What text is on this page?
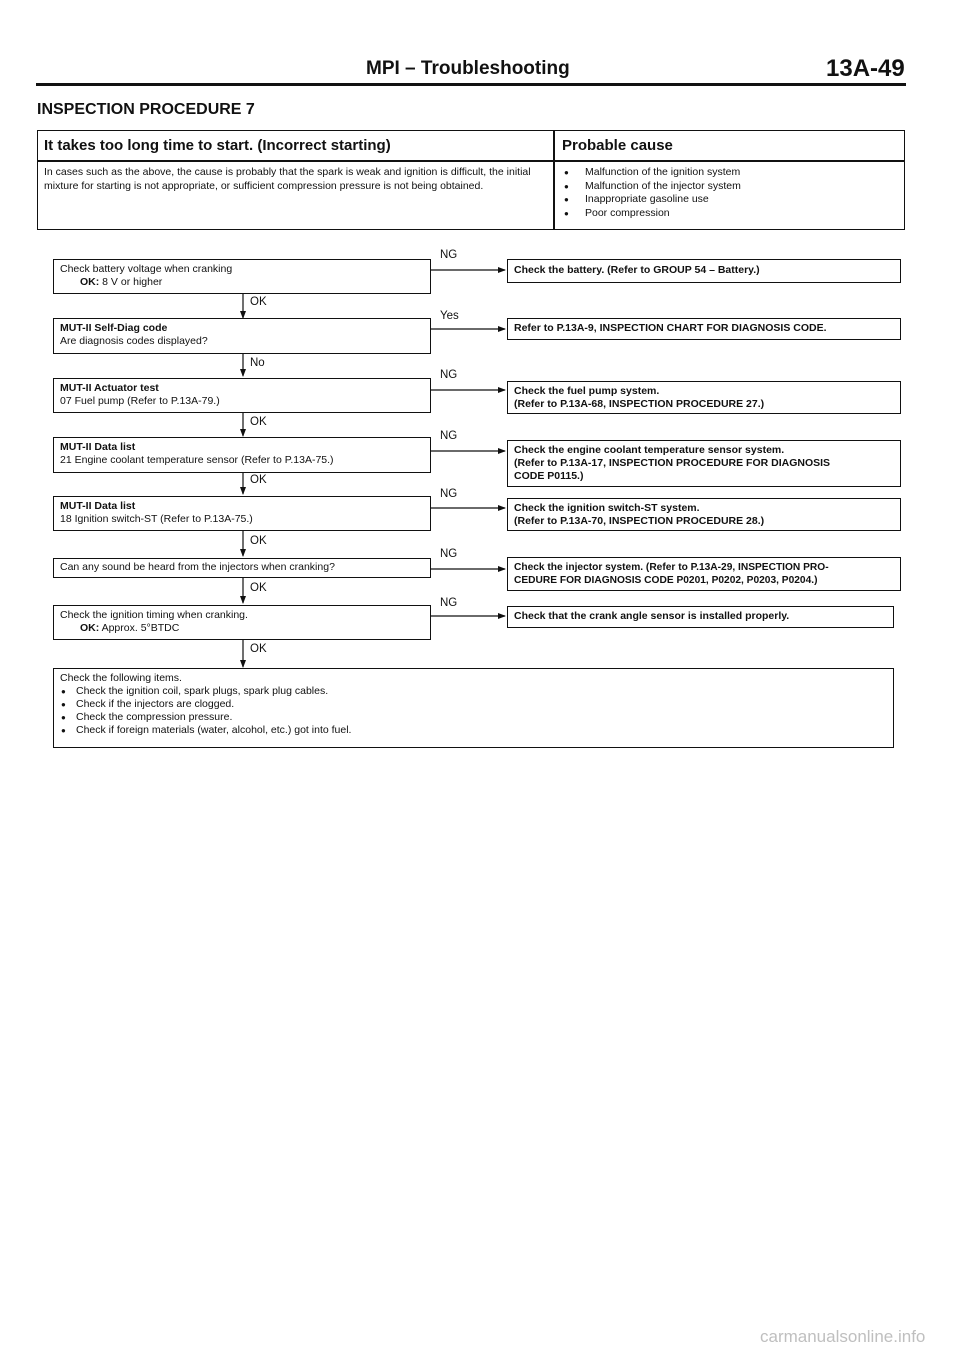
MPI – Troubleshooting	13A-49
INSPECTION PROCEDURE 7
It takes too long time to start. (Incorrect starting)	Probable cause
In cases such as the above, the cause is probably that the spark is weak and ignition is difficult, the initial mixture for starting is not appropriate, or sufficient compression pressure is not being obtained.
● Malfunction of the ignition system
● Malfunction of the injector system
● Inappropriate gasoline use
● Poor compression
NG
Yes
NG
NG
NG
NG
NG
OK
No
OK
OK
OK
OK
OK
Check battery voltage when cranking
OK: 8 V or higher
MUT-II Self-Diag code
Are diagnosis codes displayed?
MUT-II Actuator test
07 Fuel pump (Refer to P.13A-79.)
MUT-II Data list
21 Engine coolant temperature sensor (Refer to P.13A-75.)
MUT-II Data list
18 Ignition switch-ST (Refer to P.13A-75.)
Can any sound be heard from the injectors when cranking?
Check the ignition timing when cranking.
OK: Approx. 5°BTDC
Check the battery. (Refer to GROUP 54 – Battery.)
Refer to P.13A-9, INSPECTION CHART FOR DIAGNOSIS CODE.
Check the fuel pump system.
(Refer to P.13A-68, INSPECTION PROCEDURE 27.)
Check the engine coolant temperature sensor system.
(Refer to P.13A-17, INSPECTION PROCEDURE FOR DIAGNOSIS
CODE P0115.)
Check the ignition switch-ST system.
(Refer to P.13A-70, INSPECTION PROCEDURE 28.)
Check the injector system. (Refer to P.13A-29, INSPECTION PRO-
CEDURE FOR DIAGNOSIS CODE P0201, P0202, P0203, P0204.)
Check that the crank angle sensor is installed properly.
Check the following items.
● Check the ignition coil, spark plugs, spark plug cables.
● Check if the injectors are clogged.
● Check the compression pressure.
● Check if foreign materials (water, alcohol, etc.) got into fuel.
carmanualsonline.info
